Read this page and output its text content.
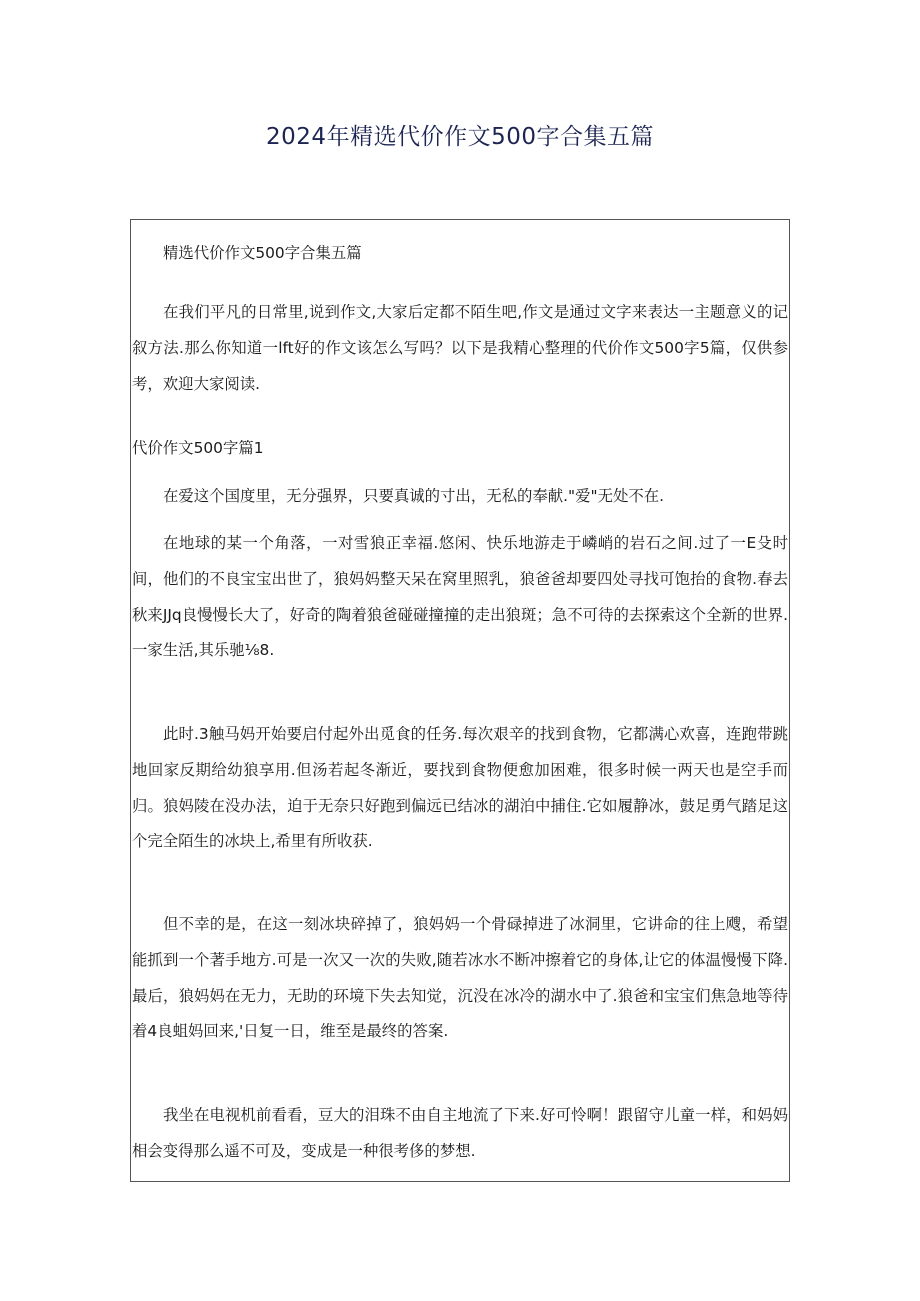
2024年精选代价作文500字合集五篇

精选代价作文500字合集五篇

在我们平凡的日常里,说到作文,大家后定都不陌生吧,作文是通过文字来表达一主题意义的记叙方法.那么你知道一lft好的作文该怎么写吗？以下是我精心整理的代价作文500字5篇，仅供参考，欢迎大家阅读.

代价作文500字篇1

在爱这个国度里，无分强界，只要真诚的寸出，无私的奉献."爱"无处不在.

在地球的某一个角落，一对雪狼正幸福.悠闲、快乐地游走于嶙峭的岩石之间.过了一E殳时间，他们的不良宝宝出世了，狼妈妈整天呆在窝里照乳，狼爸爸却要四处寻找可饱抬的食物.春去秋来JJq良慢慢长大了，好奇的陶着狼爸碰碰撞撞的走出狼斑；急不可待的去探索这个全新的世界.一家生活,其乐驰⅛8.

此时.3触马妈开始要启付起外出觅食的任务.每次艰辛的找到食物，它都满心欢喜，连跑带跳地回家反期给幼狼享用.但汤若起冬渐近，要找到食物便愈加困难，很多时候一两天也是空手而归。狼妈陵在没办法，迫于无奈只好跑到偏远已结冰的湖泊中捕住.它如履静冰，鼓足勇气踏足这个完全陌生的冰块上,希里有所收获.

但不幸的是，在这一刻冰块碎掉了，狼妈妈一个骨碌掉进了冰洞里，它讲命的往上飕，希望能抓到一个著手地方.可是一次又一次的失败,随若冰水不断冲擦着它的身体,让它的体温慢慢下降.最后，狼妈妈在无力，无助的环境下失去知觉，沉没在冰冷的湖水中了.狼爸和宝宝们焦急地等待着4良蛆妈回来,'日复一日，维至是最终的答案.

我坐在电视机前看看，豆大的泪珠不由自主地流了下来.好可怜啊！跟留守儿童一样，和妈妈相会变得那么遥不可及，变成是一种很考侈的梦想.
